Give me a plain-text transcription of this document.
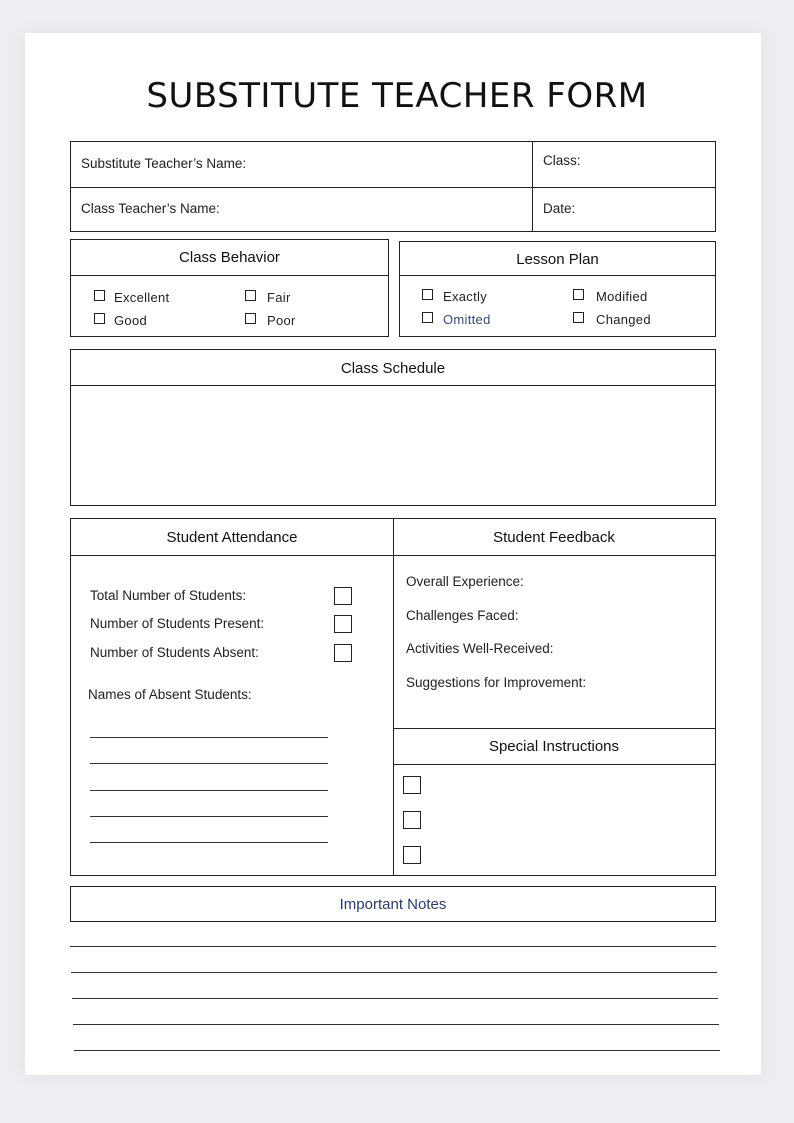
SUBSTITUTE TEACHER FORM
Substitute Teacher’s Name:	Class:
Class Teacher’s Name:	Date:
Class Behavior
Excellent	Fair
Good	Poor
Lesson Plan
Exactly	Modified
Omitted	Changed
Class Schedule
Student Attendance	Student Feedback
Special Instructions
Total Number of Students:
Number of Students Present:
Number of Students Absent:
Names of Absent Students:
Overall Experience:
Challenges Faced:
Activities Well-Received:
Suggestions for Improvement:
Important Notes
